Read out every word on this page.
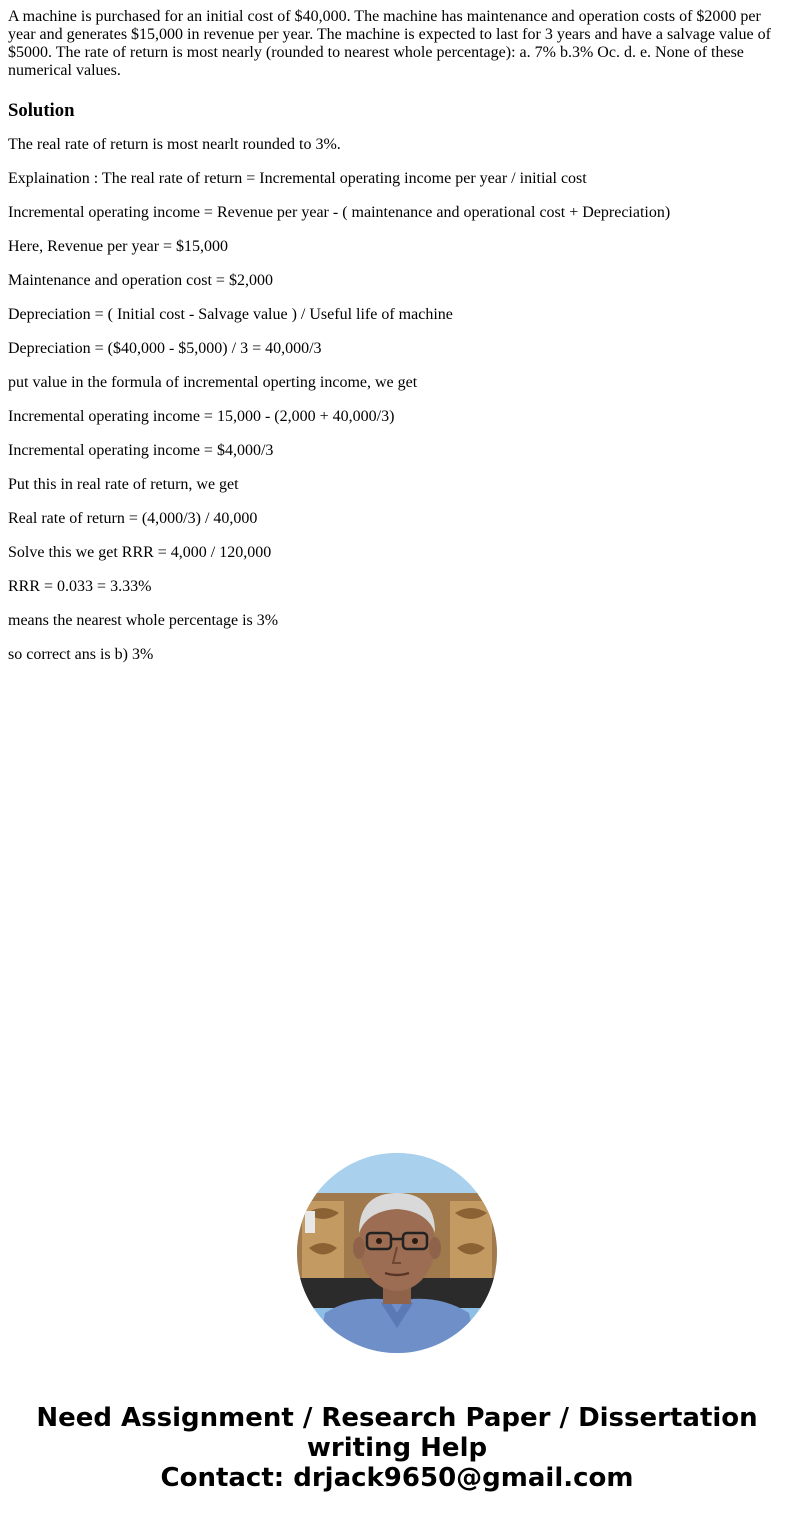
A machine is purchased for an initial cost of $40,000. The machine has maintenance and operation costs of $2000 per year and generates $15,000 in revenue per year. The machine is expected to last for 3 years and have a salvage value of $5000. The rate of return is most nearly (rounded to nearest whole percentage): a. 7% b.3% Oc. d. e. None of these numerical values.

Solution
The real rate of return is most nearlt rounded to 3%.
Explaination : The real rate of return = Incremental operating income per year / initial cost
Incremental operating income = Revenue per year - ( maintenance and operational cost + Depreciation)
Here, Revenue per year = $15,000
Maintenance and operation cost = $2,000
Depreciation = ( Initial cost - Salvage value ) / Useful life of machine
Depreciation = ($40,000 - $5,000) / 3 = 40,000/3
put value in the formula of incremental operting income, we get
Incremental operating income = 15,000 - (2,000 + 40,000/3)
Incremental operating income = $4,000/3
Put this in real rate of return, we get
Real rate of return = (4,000/3) / 40,000
Solve this we get RRR = 4,000 / 120,000
RRR = 0.033 = 3.33%
means the nearest whole percentage is 3%
so correct ans is b) 3%
Need Assignment / Research Paper / Dissertation
writing Help
Contact: drjack9650@gmail.com
